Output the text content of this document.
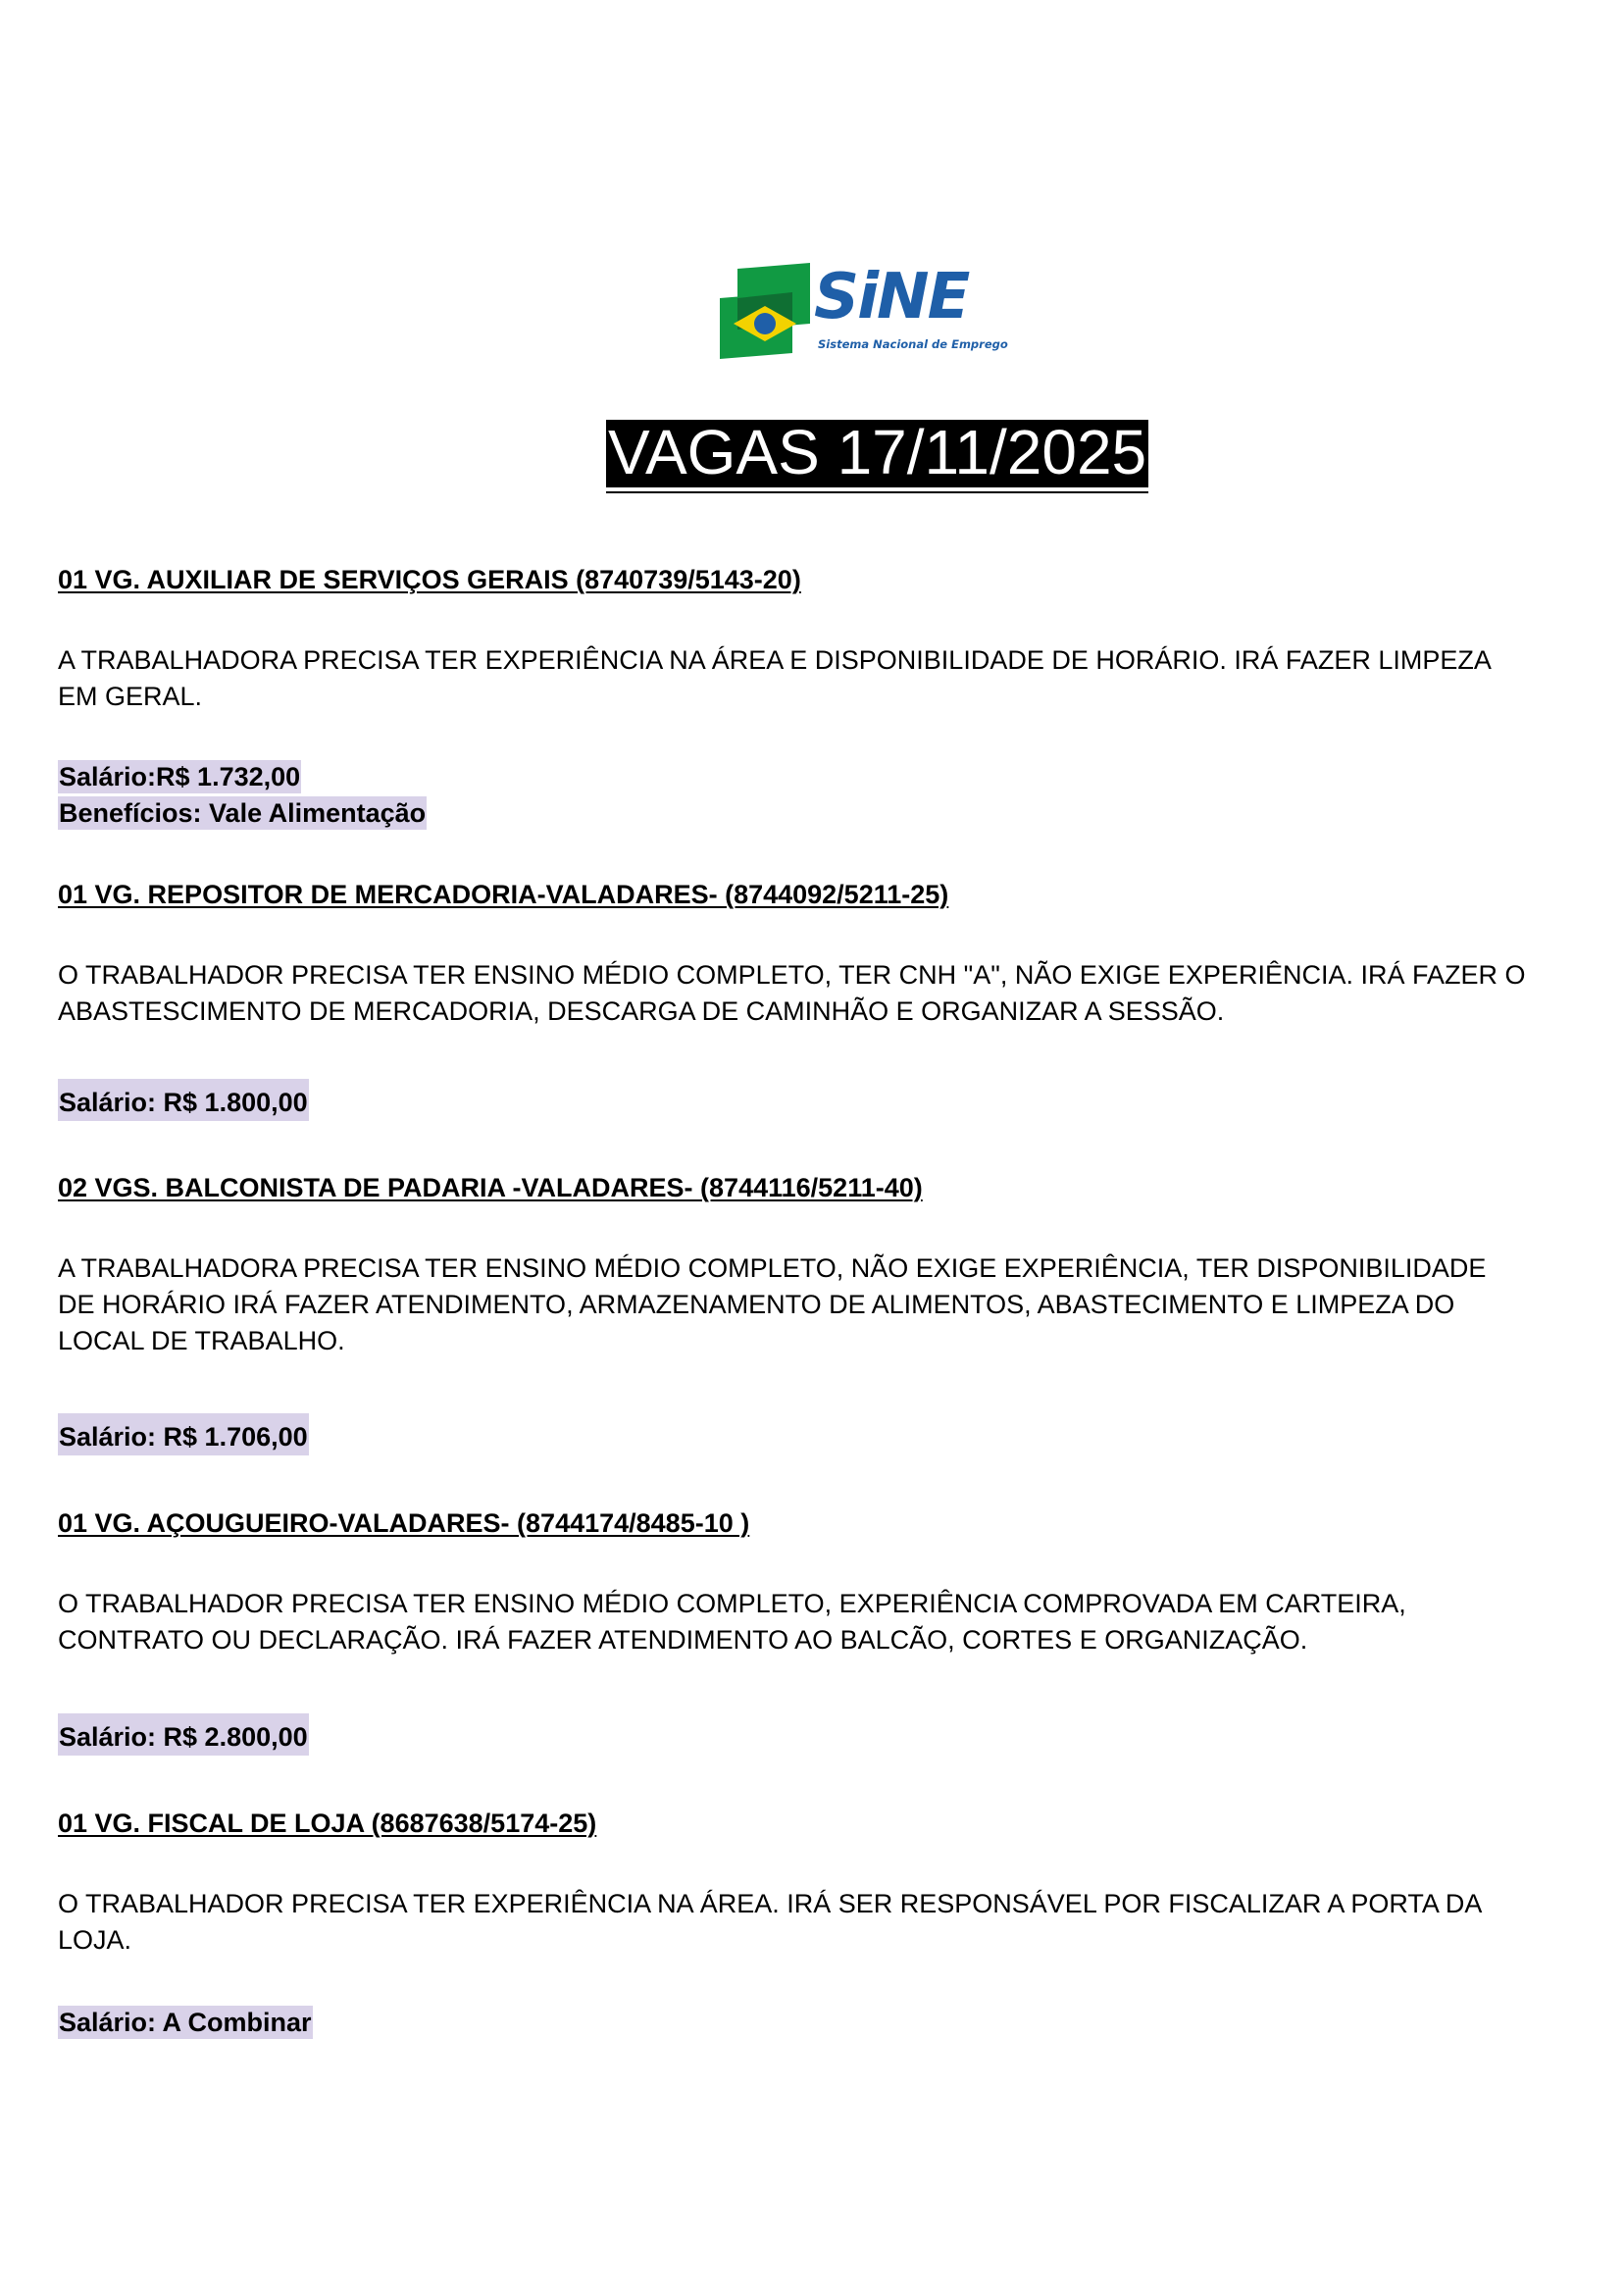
SiNE
Sistema Nacional de Emprego
VAGAS 17/11/2025
01 VG. AUXILIAR DE SERVIÇOS GERAIS (8740739/5143-20)
A TRABALHADORA PRECISA TER EXPERIÊNCIA NA ÁREA E DISPONIBILIDADE DE HORÁRIO. IRÁ FAZER LIMPEZA EM GERAL.
Salário:R$ 1.732,00
Benefícios: Vale Alimentação
01 VG. REPOSITOR DE MERCADORIA-VALADARES- (8744092/5211-25)
O TRABALHADOR PRECISA TER ENSINO MÉDIO COMPLETO, TER CNH "A", NÃO EXIGE EXPERIÊNCIA. IRÁ FAZER O ABASTESCIMENTO DE MERCADORIA, DESCARGA DE CAMINHÃO E ORGANIZAR A SESSÃO.
Salário: R$ 1.800,00
02 VGS. BALCONISTA DE PADARIA -VALADARES- (8744116/5211-40)
A TRABALHADORA PRECISA TER ENSINO MÉDIO COMPLETO, NÃO EXIGE EXPERIÊNCIA, TER DISPONIBILIDADE DE HORÁRIO IRÁ FAZER ATENDIMENTO, ARMAZENAMENTO DE ALIMENTOS, ABASTECIMENTO E LIMPEZA DO LOCAL DE TRABALHO.
Salário: R$ 1.706,00
01 VG. AÇOUGUEIRO-VALADARES- (8744174/8485-10 )
O TRABALHADOR PRECISA TER ENSINO MÉDIO COMPLETO, EXPERIÊNCIA COMPROVADA EM CARTEIRA, CONTRATO OU DECLARAÇÃO. IRÁ FAZER ATENDIMENTO AO BALCÃO, CORTES E ORGANIZAÇÃO.
Salário: R$ 2.800,00
01 VG. FISCAL DE LOJA (8687638/5174-25)
O TRABALHADOR PRECISA TER EXPERIÊNCIA NA ÁREA. IRÁ SER RESPONSÁVEL POR FISCALIZAR A PORTA DA LOJA.
Salário: A Combinar
